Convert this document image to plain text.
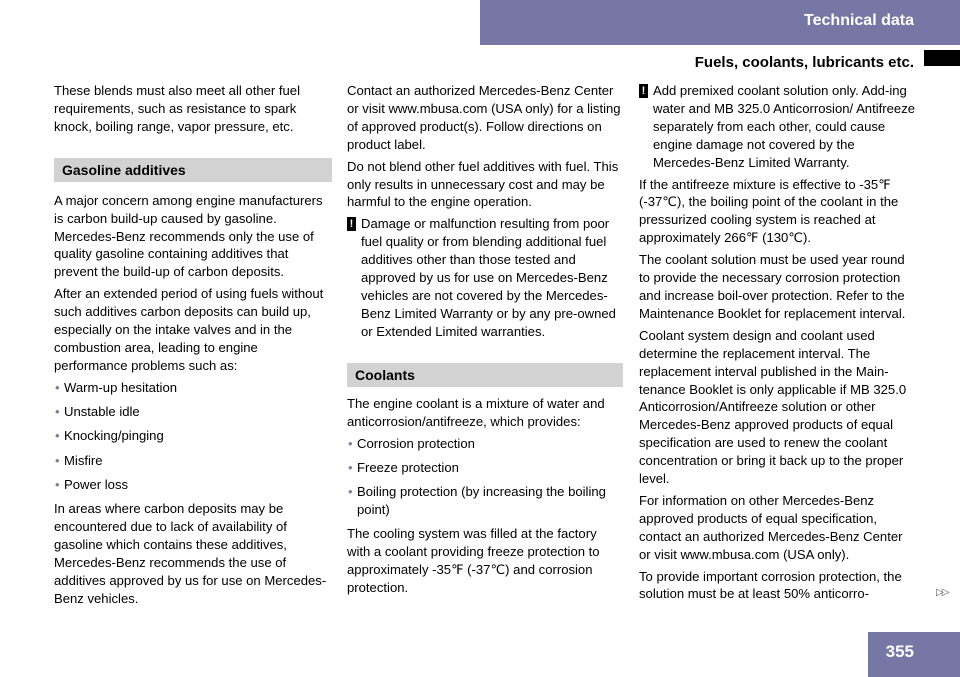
Technical data
Fuels, coolants, lubricants etc.

These blends must also meet all other fuel requirements, such as resistance to spark knock, boiling range, vapor pressure, etc.

Gasoline additives

A major concern among engine manufacturers is carbon build-up caused by gasoline. Mercedes-Benz recommends only the use of quality gasoline containing additives that prevent the build-up of carbon deposits.

After an extended period of using fuels without such additives carbon deposits can build up, especially on the intake valves and in the combustion area, leading to engine performance problems such as:

• Warm-up hesitation
• Unstable idle
• Knocking/pinging
• Misfire
• Power loss

In areas where carbon deposits may be encountered due to lack of availability of gasoline which contains these additives, Mercedes-Benz recommends the use of additives approved by us for use on Mercedes-Benz vehicles.

Contact an authorized Mercedes-Benz Center or visit www.mbusa.com (USA only) for a listing of approved product(s). Follow directions on product label.

Do not blend other fuel additives with fuel. This only results in unnecessary cost and may be harmful to the engine operation.

! Damage or malfunction resulting from poor fuel quality or from blending additional fuel additives other than those tested and approved by us for use on Mercedes-Benz vehicles are not covered by the Mercedes-Benz Limited Warranty or by any pre-owned or Extended Limited warranties.
Coolants

The engine coolant is a mixture of water and anticorrosion/antifreeze, which provides:

• Corrosion protection
• Freeze protection
• Boiling protection (by increasing the boiling point)

The cooling system was filled at the factory with a coolant providing freeze protection to approximately -35℉ (-37℃) and corrosion protection.

! Add premixed coolant solution only. Add-ing water and MB 325.0 Anticorrosion/ Antifreeze separately from each other, could cause engine damage not covered by the Mercedes-Benz Limited Warranty.

If the antifreeze mixture is effective to -35℉ (-37℃), the boiling point of the coolant in the pressurized cooling system is reached at approximately 266℉ (130℃).

The coolant solution must be used year round to provide the necessary corrosion protection and increase boil-over protection. Refer to the Maintenance Booklet for replacement interval.

Coolant system design and coolant used determine the replacement interval. The replacement interval published in the Main-tenance Booklet is only applicable if MB 325.0 Anticorrosion/Antifreeze solution or other Mercedes-Benz approved products of equal specification are used to renew the coolant concentration or bring it back up to the proper level.

For information on other Mercedes-Benz approved products of equal specification, contact an authorized Mercedes-Benz Center or visit www.mbusa.com (USA only).

To provide important corrosion protection, the solution must be at least 50% anticorro-	▷▷
355
